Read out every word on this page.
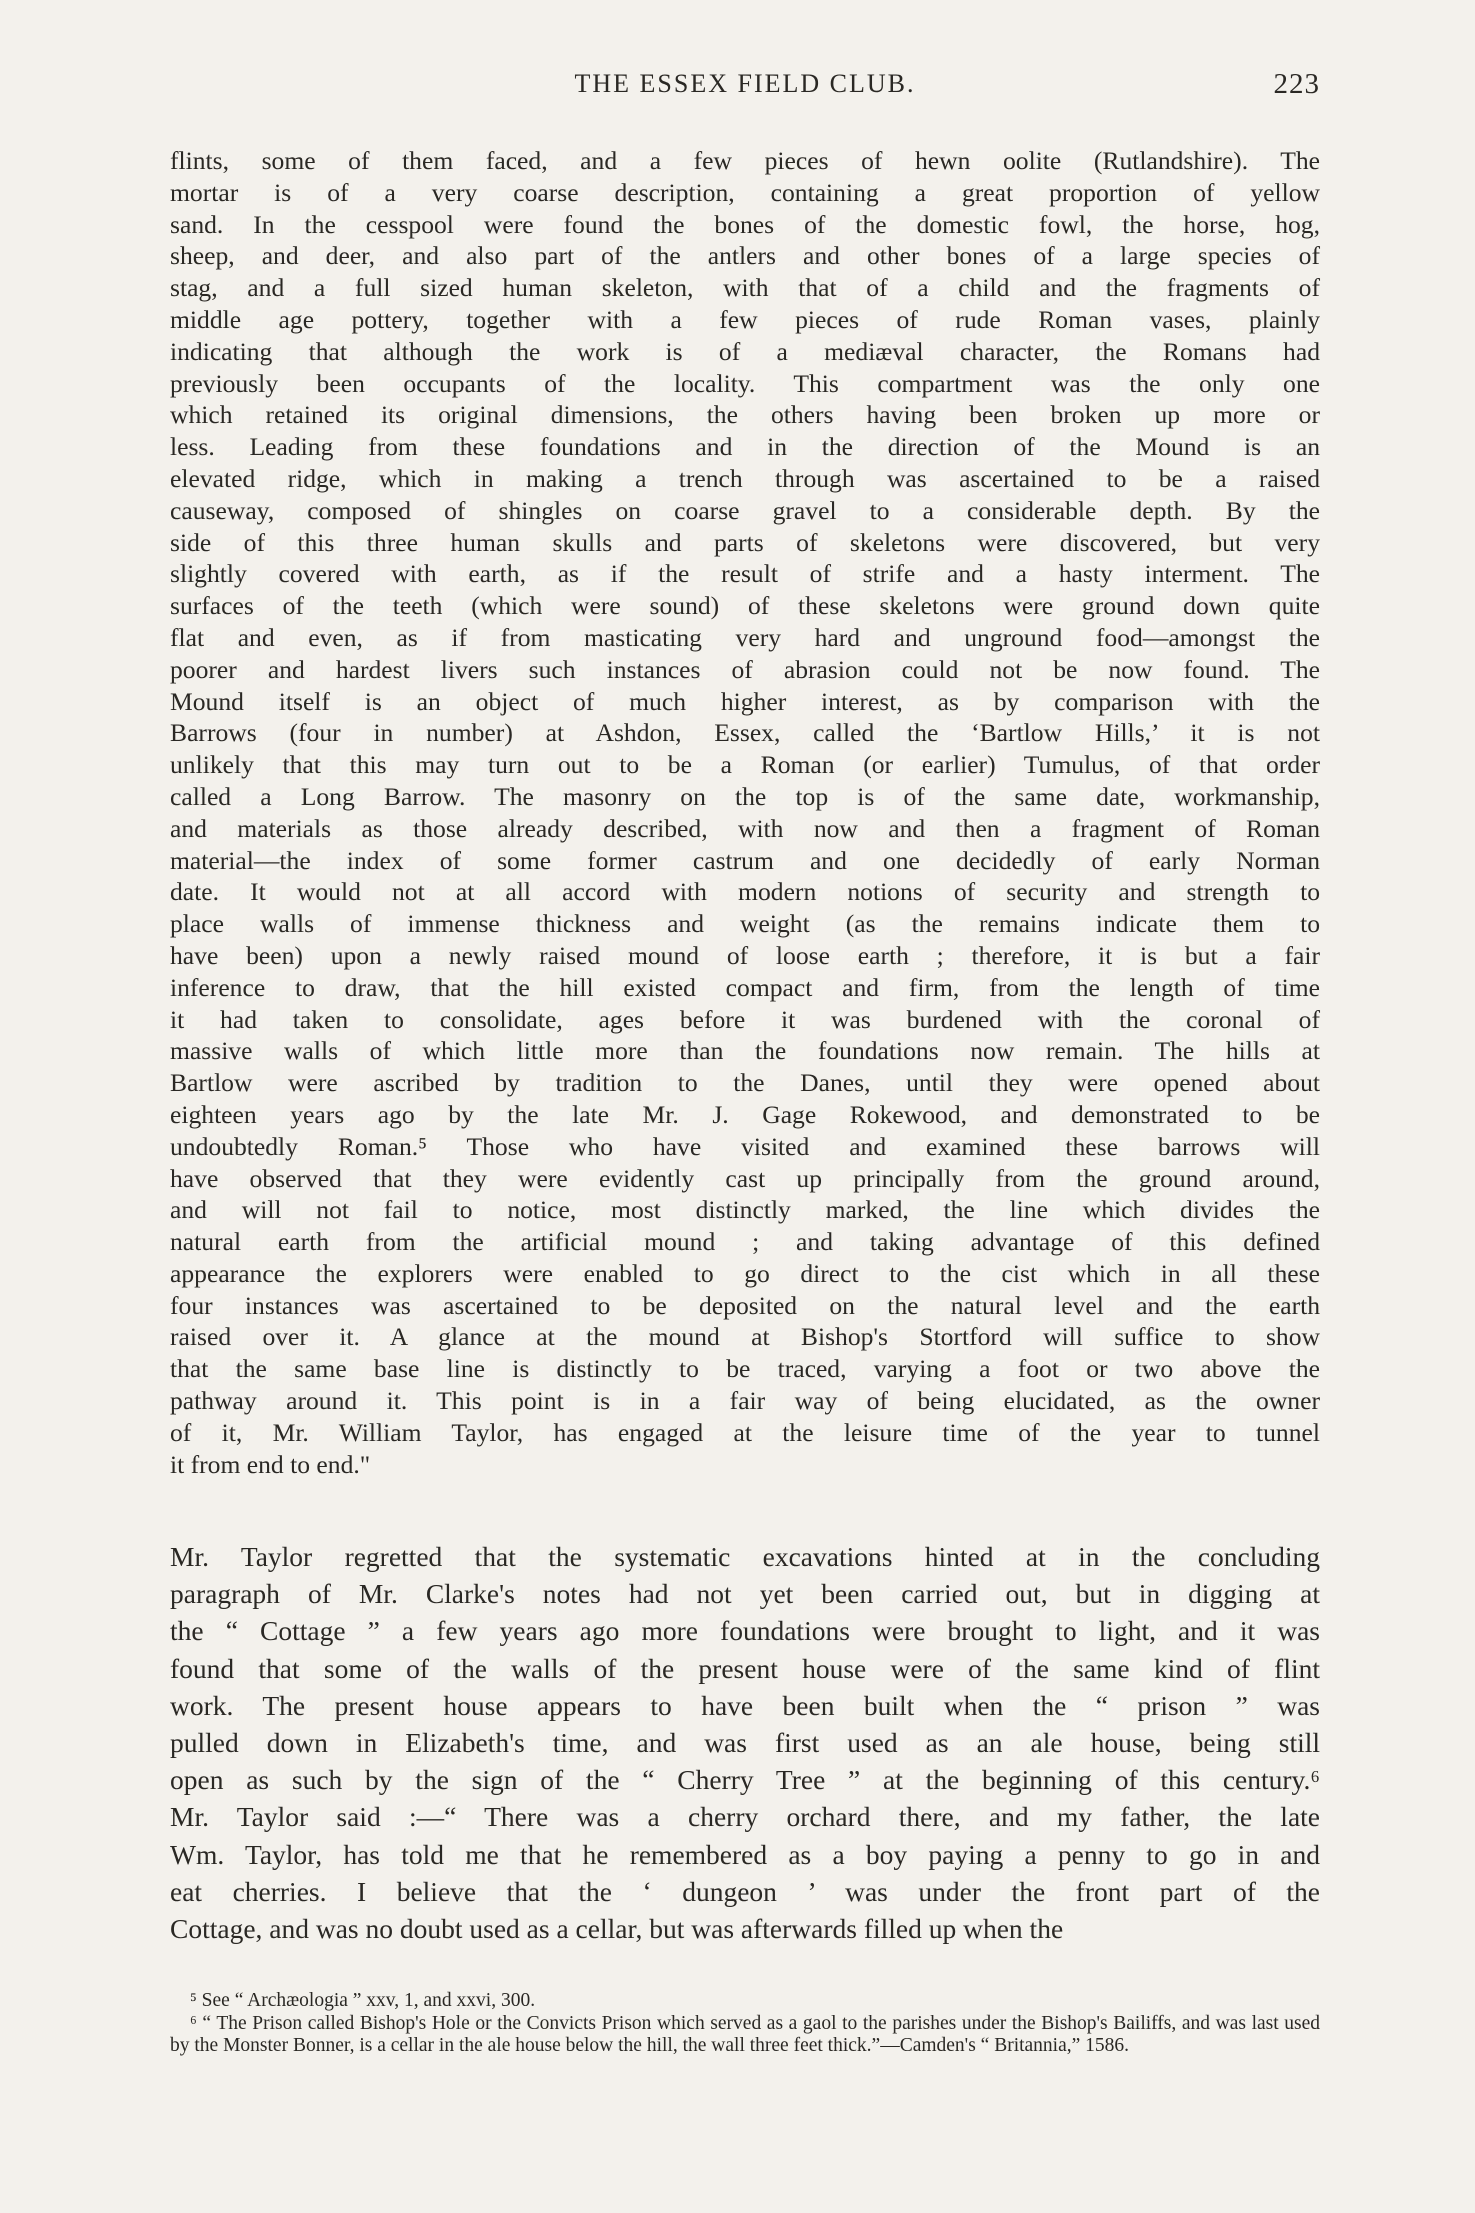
THE ESSEX FIELD CLUB.	223

flints, some of them faced, and a few pieces of hewn oolite (Rutlandshire). The
mortar is of a very coarse description, containing a great proportion of yellow
sand. In the cesspool were found the bones of the domestic fowl, the horse, hog,
sheep, and deer, and also part of the antlers and other bones of a large species of
stag, and a full sized human skeleton, with that of a child and the fragments of
middle age pottery, together with a few pieces of rude Roman vases, plainly
indicating that although the work is of a mediæval character, the Romans had
previously been occupants of the locality. This compartment was the only one
which retained its original dimensions, the others having been broken up more or
less. Leading from these foundations and in the direction of the Mound is an
elevated ridge, which in making a trench through was ascertained to be a raised
causeway, composed of shingles on coarse gravel to a considerable depth. By the
side of this three human skulls and parts of skeletons were discovered, but very
slightly covered with earth, as if the result of strife and a hasty interment. The
surfaces of the teeth (which were sound) of these skeletons were ground down quite
flat and even, as if from masticating very hard and unground food—amongst the
poorer and hardest livers such instances of abrasion could not be now found. The
Mound itself is an object of much higher interest, as by comparison with the
Barrows (four in number) at Ashdon, Essex, called the ‘Bartlow Hills,’ it is not
unlikely that this may turn out to be a Roman (or earlier) Tumulus, of that order
called a Long Barrow. The masonry on the top is of the same date, workmanship,
and materials as those already described, with now and then a fragment of Roman
material—the index of some former castrum and one decidedly of early Norman
date. It would not at all accord with modern notions of security and strength to
place walls of immense thickness and weight (as the remains indicate them to
have been) upon a newly raised mound of loose earth ; therefore, it is but a fair
inference to draw, that the hill existed compact and firm, from the length of time
it had taken to consolidate, ages before it was burdened with the coronal of
massive walls of which little more than the foundations now remain. The hills at
Bartlow were ascribed by tradition to the Danes, until they were opened about
eighteen years ago by the late Mr. J. Gage Rokewood, and demonstrated to be
undoubtedly Roman.⁵ Those who have visited and examined these barrows will
have observed that they were evidently cast up principally from the ground around,
and will not fail to notice, most distinctly marked, the line which divides the
natural earth from the artificial mound ; and taking advantage of this defined
appearance the explorers were enabled to go direct to the cist which in all these
four instances was ascertained to be deposited on the natural level and the earth
raised over it. A glance at the mound at Bishop's Stortford will suffice to show
that the same base line is distinctly to be traced, varying a foot or two above the
pathway around it. This point is in a fair way of being elucidated, as the owner
of it, Mr. William Taylor, has engaged at the leisure time of the year to tunnel
it from end to end."

Mr. Taylor regretted that the systematic excavations hinted at in the concluding
paragraph of Mr. Clarke's notes had not yet been carried out, but in digging at
the “ Cottage ” a few years ago more foundations were brought to light, and it was
found that some of the walls of the present house were of the same kind of flint
work. The present house appears to have been built when the “ prison ” was
pulled down in Elizabeth's time, and was first used as an ale house, being still
open as such by the sign of the “ Cherry Tree ” at the beginning of this century.⁶
Mr. Taylor said :—“ There was a cherry orchard there, and my father, the late
Wm. Taylor, has told me that he remembered as a boy paying a penny to go in and
eat cherries. I believe that the ‘ dungeon ’ was under the front part of the
Cottage, and was no doubt used as a cellar, but was afterwards filled up when the

⁵ See “ Archæologia ” xxv, 1, and xxvi, 300.

⁶ “ The Prison called Bishop's Hole or the Convicts Prison which served as a gaol to the parishes under the Bishop's Bailiffs, and was last used by the Monster Bonner, is a cellar in the ale house below the hill, the wall three feet thick.”—Camden's “ Britannia,” 1586.
